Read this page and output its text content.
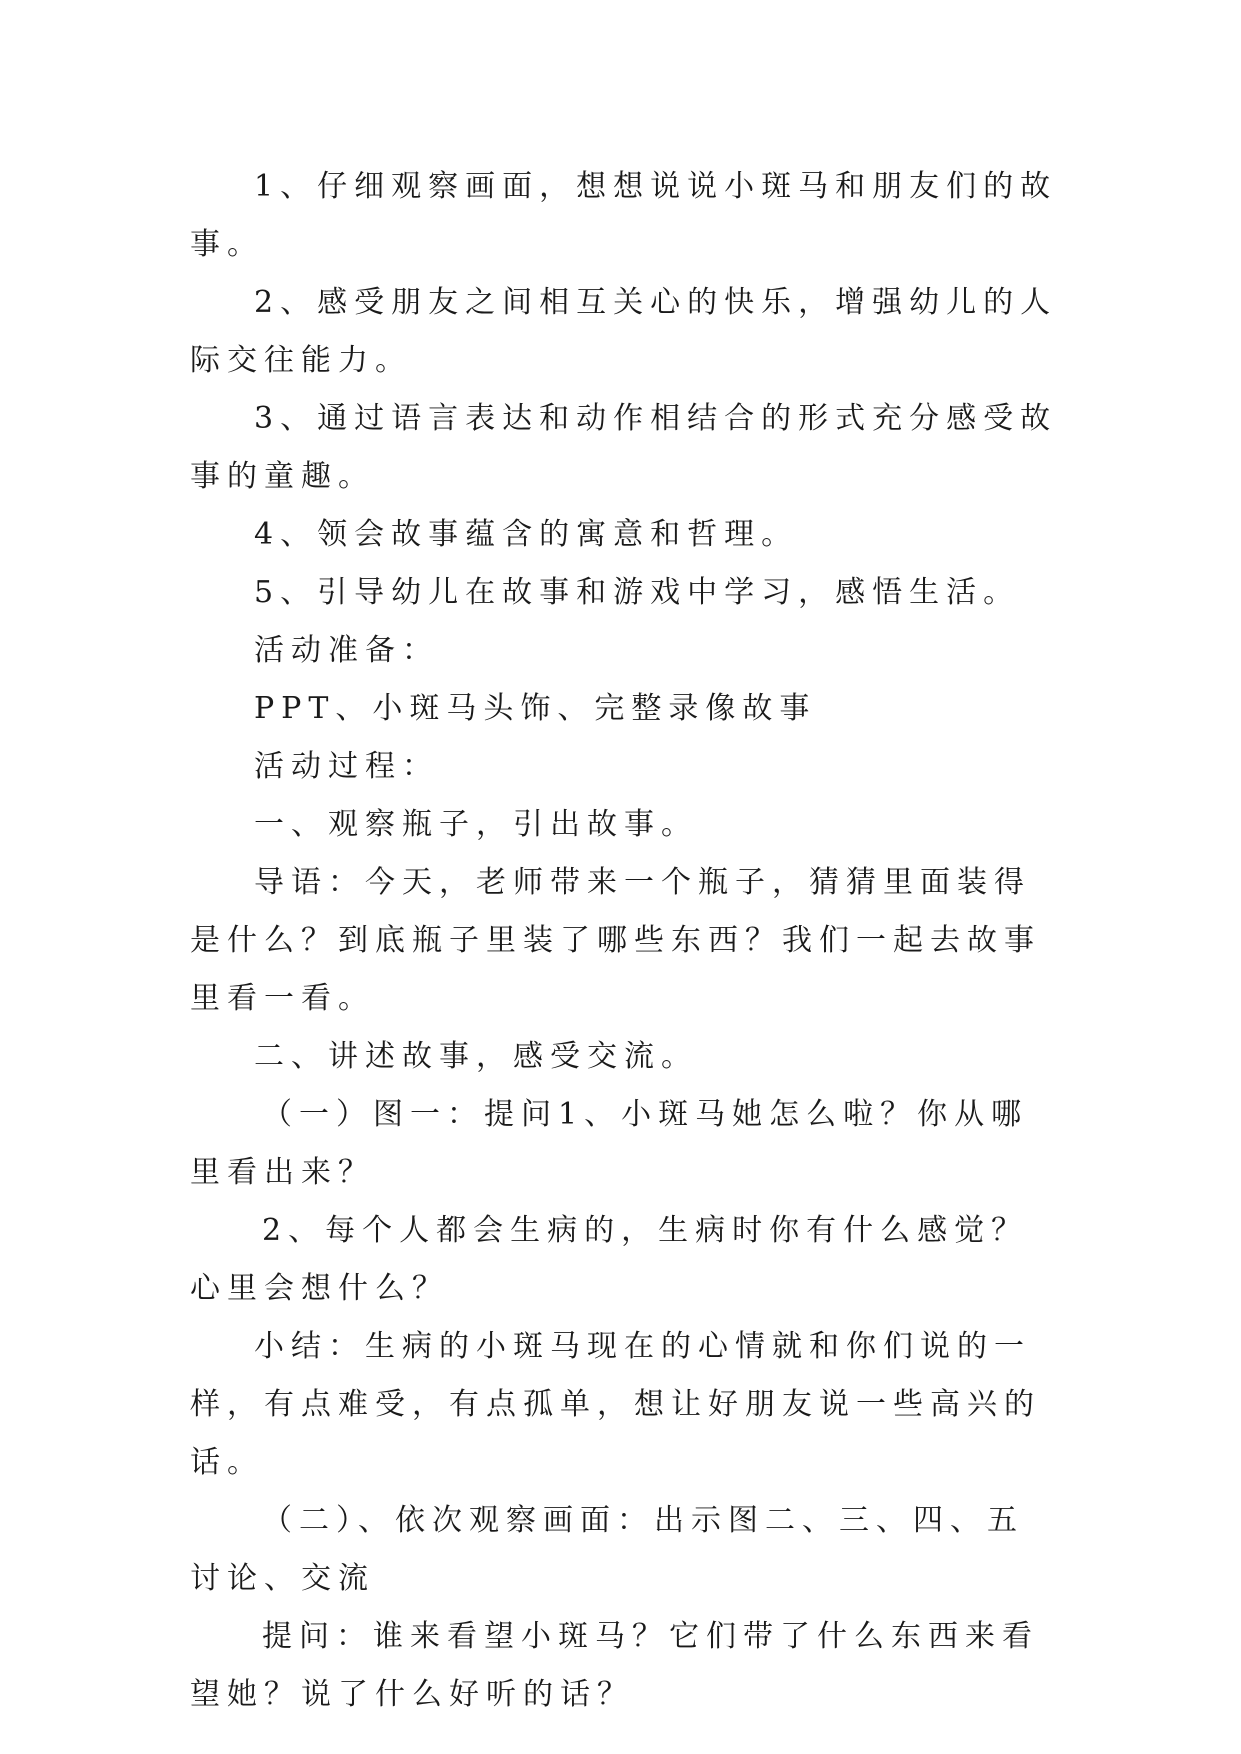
1、仔细观察画面，想想说说小斑马和朋友们的故事。

2、感受朋友之间相互关心的快乐，增强幼儿的人际交往能力。

3、通过语言表达和动作相结合的形式充分感受故事的童趣。

4、领会故事蕴含的寓意和哲理。

5、引导幼儿在故事和游戏中学习，感悟生活。

活动准备：

PPT、小斑马头饰、完整录像故事

活动过程：

一、观察瓶子，引出故事。

导语：今天，老师带来一个瓶子，猜猜里面装得是什么？到底瓶子里装了哪些东西？我们一起去故事里看一看。

二、讲述故事，感受交流。

（一）图一：提问1、小斑马她怎么啦？你从哪里看出来？

2、每个人都会生病的，生病时你有什么感觉？心里会想什么？

小结：生病的小斑马现在的心情就和你们说的一样，有点难受，有点孤单，想让好朋友说一些高兴的话。

（二）、依次观察画面：出示图二、三、四、五讨论、交流

提问：谁来看望小斑马？它们带了什么东西来看望她？说了什么好听的话？
